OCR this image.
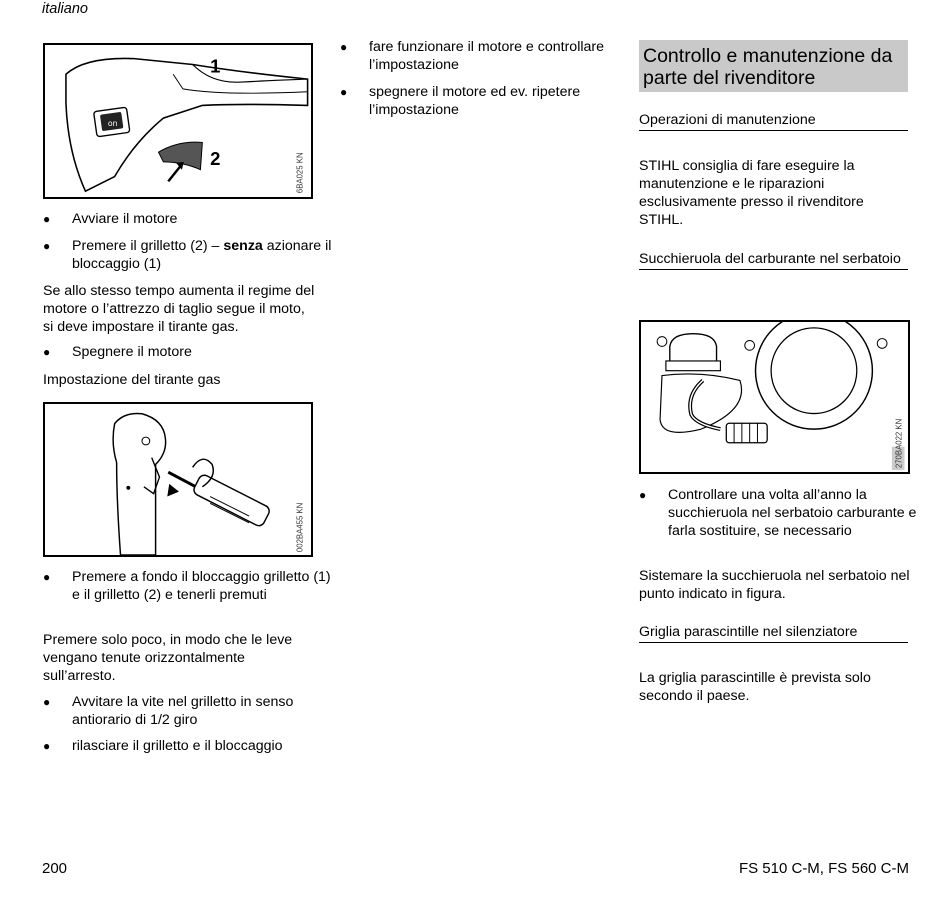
italiano
on
1
2	6BA025 KN
● Avviare il motore
● Premere il grilletto (2) – senza azionare il bloccaggio (1)
Se allo stesso tempo aumenta il regime del motore o l’attrezzo di taglio segue il moto, si deve impostare il tirante gas.
● Spegnere il motore
Impostazione del tirante gas
002BA455 KN
● Premere a fondo il bloccaggio grilletto (1) e il grilletto (2) e tenerli premuti
Premere solo poco, in modo che le leve vengano tenute orizzontalmente sull’arresto.
● Avvitare la vite nel grilletto in senso antiorario di 1/2 giro
● rilasciare il grilletto e il bloccaggio
● fare funzionare il motore e controllare l’impostazione
● spegnere il motore ed ev. ripetere l’impostazione
Controllo e manutenzione da parte del rivenditore
Operazioni di manutenzione
STIHL consiglia di fare eseguire la manutenzione e le riparazioni esclusivamente presso il rivenditore STIHL.
Succhieruola del carburante nel serbatoio
270BA022 KN
● Controllare una volta all’anno la succhieruola nel serbatoio carburante e farla sostituire, se necessario
Sistemare la succhieruola nel serbatoio nel punto indicato in figura.
Griglia parascintille nel silenziatore
La griglia parascintille è prevista solo secondo il paese.
200	FS 510 C-M, FS 560 C-M
